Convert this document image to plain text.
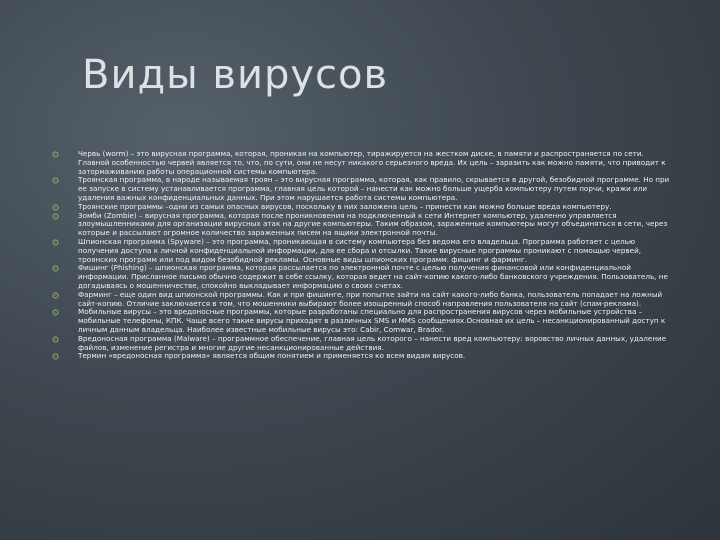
Виды вирусов
Червь (worm) – это вирусная программа, которая, проникая на компьютер, тиражируется на жестком диске, в памяти и распространяется по сети. Главной особенностью червей является то, что, по сути, они не несут никакого серьезного вреда. Их цель – заразить как можно памяти, что приводит к затормаживанию работы операционной системы компьютера.
Троянская программа, в народе называемая троян – это вирусная программа, которая, как правило, скрывается в другой, безобидной программе. Но при ее запуске в систему устанавливается программа, главная цель которой – нанести как можно больше ущерба компьютеру путем порчи, кражи или удаления важных конфиденциальных данных. При этом нарушается работа системы компьютера.
Троянские программы –одни из самых опасных вирусов, поскольку в них заложена цель – принести как можно больше вреда компьютеру.
Зомби (Zombie) – вирусная программа, которая после проникновения на подключенный к сети Интернет компьютер, удаленно управляется злоумышленниками для организации вирусных атак на другие компьютеры. Таким образом, зараженные компьютеры могут объединяться в сети, через которые и рассылают огромное количество зараженных писем на ящики электронной почты.
Шпионская программа (Spyware) – это программа, проникающая в систему компьютера без ведома его владельца. Программа работает с целью получения доступа к личной конфиденциальной информации, для ее сбора и отсылки. Такие вирусные программы проникают с помощью червей, троянских программ или под видом безобидной рекламы. Основные виды шпионских программ: фишинг и фарминг.
Фишинг (Phishing) – шпионская программа, которая рассылается по электронной почте с целью получения финансовой или конфиденциальной информации. Присланное письмо обычно содержит в себе ссылку, которая ведет на сайт-копию какого-либо банковского учреждения. Пользователь, не догадываясь о мошенничестве, спокойно выкладывает информацию о своих счетах.
Фарминг – еще один вид шпионской программы. Как и при фишинге, при попытке зайти на сайт какого-либо банка, пользователь попадает на ложный сайт-копию. Отличие заключается в том, что мошенники выбирают более изощренный способ направления пользователя на сайт (спам-реклама).
Мобильные вирусы – это вредоносные программы, которые разработаны специально для распространения вирусов через мобильные устройства – мобильные телефоны, КПК. Чаще всего такие вирусы приходят в различных SMS и MMS сообщениях.Основная их цель – несанкционированный доступ к личным данным владельца. Наиболее известные мобильные вирусы это: Cabir, Comwar, Brador.
Вредоносная программа (Malware) – программное обеспечение, главная цель которого – нанести вред компьютеру: воровство личных данных, удаление файлов, изменение регистра и многие другие несанкционированные действия.
Термин «вредоносная программа» является общим понятием и применяется ко всем видам вирусов.
